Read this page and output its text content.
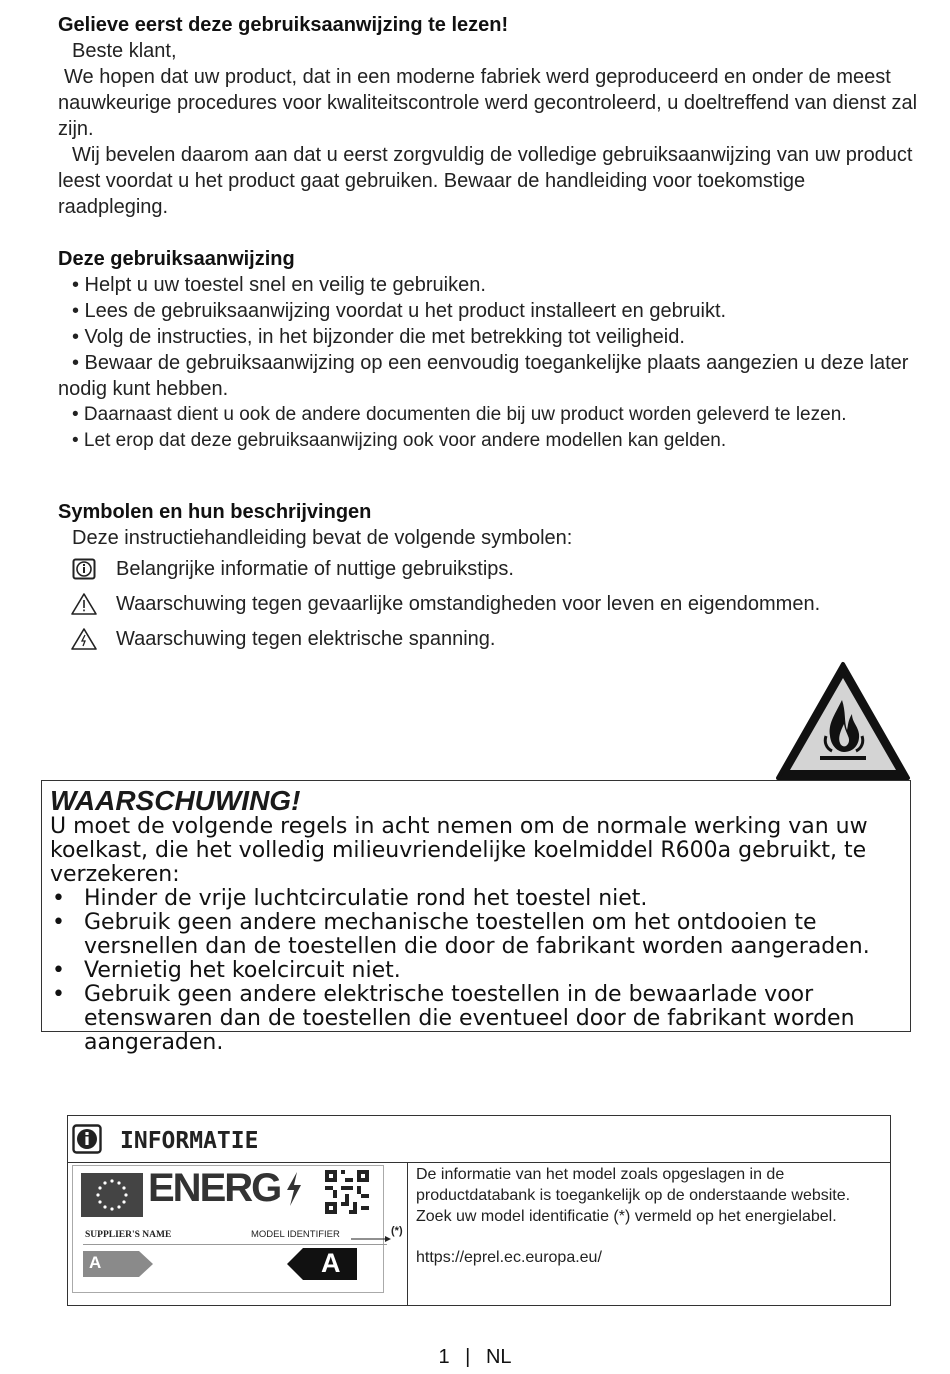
Gelieve eerst deze gebruiksaanwijzing te lezen!
Beste klant,
We hopen dat uw product, dat in een moderne fabriek werd geproduceerd en onder de meest nauwkeurige procedures voor kwaliteitscontrole werd gecontroleerd, u doeltreffend van dienst zal zijn.
Wij bevelen daarom aan dat u eerst zorgvuldig de volledige gebruiksaanwijzing van uw product leest voordat u het product gaat gebruiken. Bewaar de handleiding voor toekomstige raadpleging.
Deze gebruiksaanwijzing
• Helpt u uw toestel snel en veilig te gebruiken.
• Lees de gebruiksaanwijzing voordat u het product installeert en gebruikt.
• Volg de instructies, in het bijzonder die met betrekking tot veiligheid.
• Bewaar de gebruiksaanwijzing op een eenvoudig toegankelijke plaats aangezien u deze later nodig kunt hebben.
• Daarnaast dient u ook de andere documenten die bij uw product worden geleverd te lezen.
• Let erop dat deze gebruiksaanwijzing ook voor andere modellen kan gelden.
Symbolen en hun beschrijvingen
Deze instructiehandleiding bevat de volgende symbolen:
Belangrijke informatie of nuttige gebruikstips.
Waarschuwing tegen gevaarlijke omstandigheden voor leven en eigendommen.
Waarschuwing tegen elektrische spanning.
WAARSCHUWING!
U moet de volgende regels in acht nemen om de normale werking van uw koelkast, die het volledig milieuvriendelijke koelmiddel R600a gebruikt, te verzekeren:
• Hinder de vrije luchtcirculatie rond het toestel niet.
• Gebruik geen andere mechanische toestellen om het ontdooien te versnellen dan de toestellen die door de fabrikant worden aangeraden.
• Vernietig het koelcircuit niet.
• Gebruik geen andere elektrische toestellen in de bewaarlade voor etenswaren dan de toestellen die eventueel door de fabrikant worden aangeraden.
INFORMATIE
ENERG
SUPPLIER'S NAME	MODEL IDENTIFIER
A	A
(*)
De informatie van het model zoals opgeslagen in de productdatabank is toegankelijk op de onderstaande website. Zoek uw model identificatie (*) vermeld op het energielabel.
https://eprel.ec.europa.eu/
1 | NL
